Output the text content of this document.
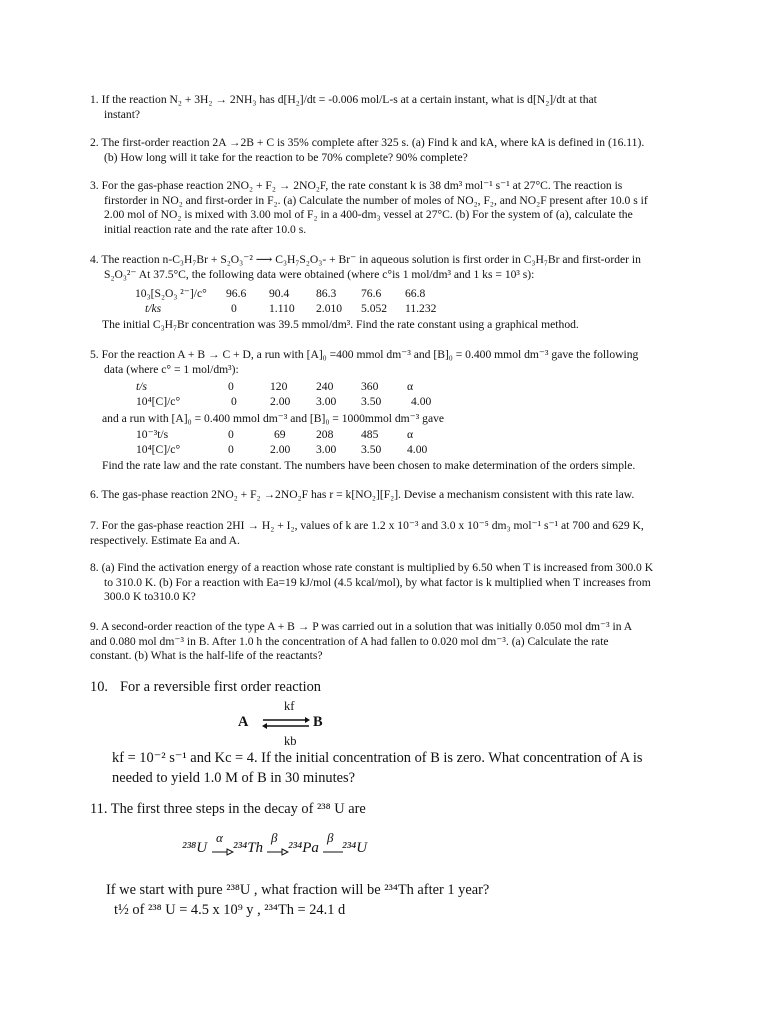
1. If the reaction N₂ + 3H₂ → 2NH₃ has d[H₂]/dt = -0.006 mol/L-s at a certain instant, what is d[N₂]/dt at that
instant?
2. The first-order reaction 2A →2B + C is 35% complete after 325 s. (a) Find k and kA, where kA is defined in (16.11).
(b) How long will it take for the reaction to be 70% complete? 90% complete?
3. For the gas-phase reaction 2NO₂ + F₂ → 2NO₂F, the rate constant k is 38 dm³ mol⁻¹ s⁻¹ at 27°C. The reaction is
firstorder in NO₂ and first-order in F₂. (a) Calculate the number of moles of NO₂, F₂, and NO₂F present after 10.0 s if
2.00 mol of NO₂ is mixed with 3.00 mol of F₂ in a 400-dm₃ vessel at 27°C. (b) For the system of (a), calculate the
initial reaction rate and the rate after 10.0 s.
4. The reaction n-C₃H₇Br + S₂O₃⁻² ⟶ C₃H₇S₂O₃- + Br⁻ in aqueous solution is first order in C₃H₇Br and first-order in
S₂O₃²⁻ At 37.5°C, the following data were obtained (where c°is 1 mol/dm³ and 1 ks = 10³ s):
10₃[S₂O₃ ²⁻]/c° 96.6 90.4 86.3 76.6 66.8
t/ks	0	1.110 2.010 5.052 11.232
The initial C₃H₇Br concentration was 39.5 mmol/dm³. Find the rate constant using a graphical method.
5. For the reaction A + B → C + D, a run with [A]₀ =400 mmol dm⁻³ and [B]₀ = 0.400 mmol dm⁻³ gave the following
data (where c° = 1 mol/dm³):
t/s	0	120 240 360 α
10⁴[C]/c°	0	2.00 3.00 3.50	4.00
and a run with [A]₀ = 0.400 mmol dm⁻³ and [B]₀ = 1000mmol dm⁻³ gave
10⁻³t/s	0	69	208 485 α
10⁴[C]/c°	0	2.00 3.00 3.50 4.00
Find the rate law and the rate constant. The numbers have been chosen to make determination of the orders simple.
6. The gas-phase reaction 2NO₂ + F₂ →2NO₂F has r = k[NO₂][F₂]. Devise a mechanism consistent with this rate law.
7. For the gas-phase reaction 2HI → H₂ + I₂, values of k are 1.2 x 10⁻³ and 3.0 x 10⁻⁵ dm₃ mol⁻¹ s⁻¹ at 700 and 629 K,
respectively. Estimate Ea and A.
8. (a) Find the activation energy of a reaction whose rate constant is multiplied by 6.50 when T is increased from 300.0 K
to 310.0 K. (b) For a reaction with Ea=19 kJ/mol (4.5 kcal/mol), by what factor is k multiplied when T increases from
300.0 K to310.0 K?
9. A second-order reaction of the type A + B → P was carried out in a solution that was initially 0.050 mol dm⁻³ in A
and 0.080 mol dm⁻³ in B. After 1.0 h the concentration of A had fallen to 0.020 mol dm⁻³. (a) Calculate the rate
constant. (b) What is the half-life of the reactants?
10. For a reversible first order reaction
kf
A ⇌ B
kb
kf = 10⁻² s⁻¹ and Kc = 4. If the initial concentration of B is zero. What concentration of A is
needed to yield 1.0 M of B in 30 minutes?
11. The first three steps in the decay of ²³⁸ U are
²³⁸U
α
²³⁴Th
β
²³⁴Pa
β
²³⁴U
If we start with pure ²³⁸U , what fraction will be ²³⁴Th after 1 year?
t½ of ²³⁸ U = 4.5 x 10⁹ y , ²³⁴Th = 24.1 d
